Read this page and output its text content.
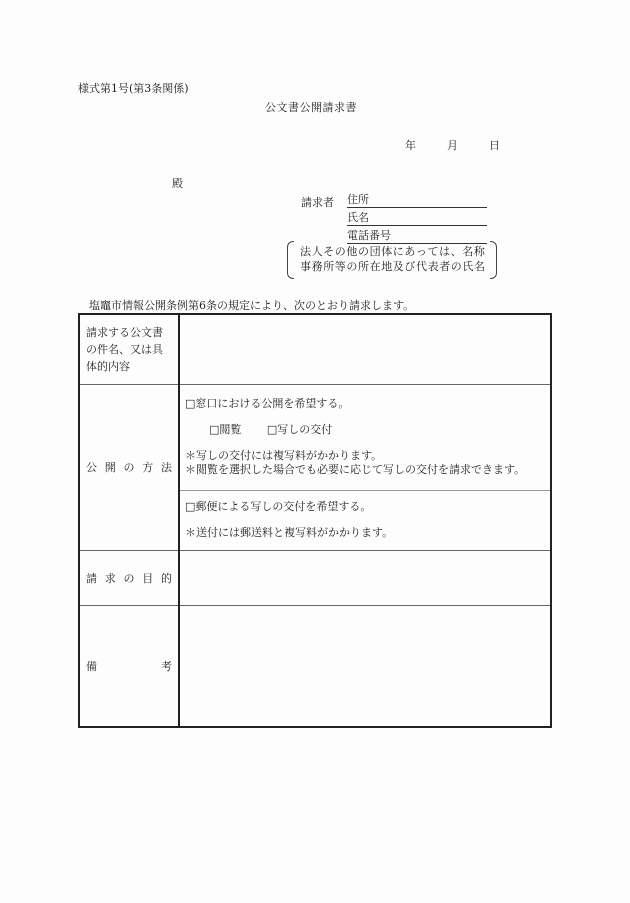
様式第1号(第3条関係)
公文書公開請求書
年	月	日
殿
請求者 住所
氏名
電話番号
法人その他の団体にあっては、名称
事務所等の所在地及び代表者の氏名
塩竈市情報公開条例第6条の規定により、次のとおり請求します。
請求する公文書
の件名、又は具
体的内容	

公 開 の 方 法

□窓口における公開を希望する。
□閲覧 □写しの交付
＊写しの交付には複写料がかかります。
＊閲覧を選択した場合でも必要に応じて写しの交付を請求できます。

	□郵便による写しの交付を希望する。
＊送付には郵送料と複写料がかかります。

請 求 の 目 的	

備 考	
